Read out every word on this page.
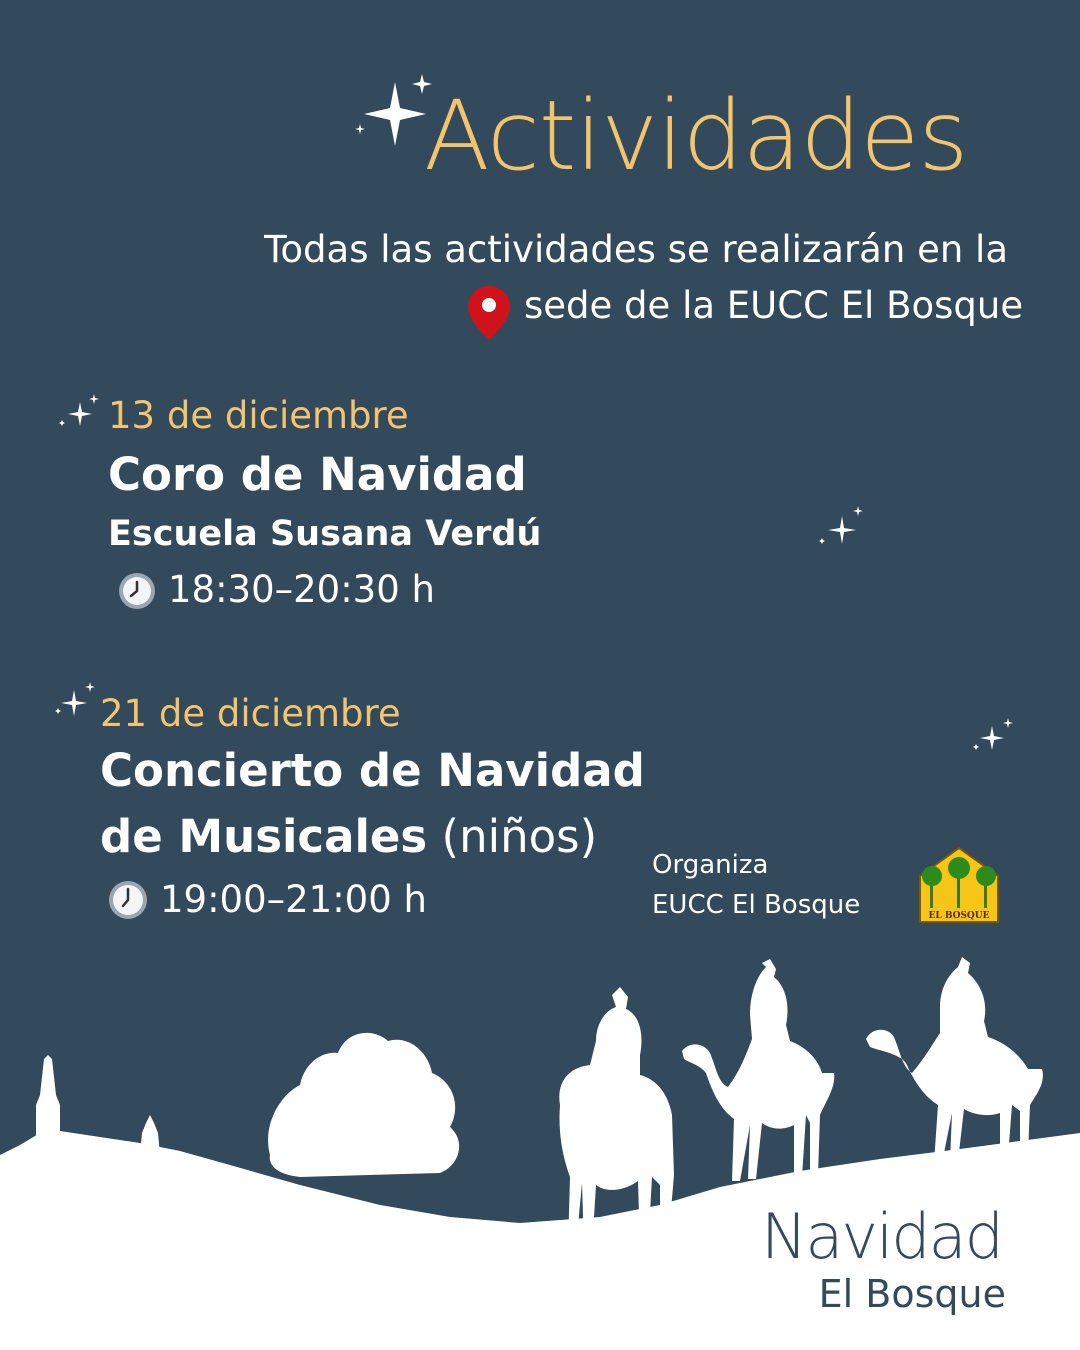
Actividades
Todas las actividades se realizarán en la
sede de la EUCC El Bosque
13 de diciembre
Coro de Navidad
Escuela Susana Verdú
18:30–20:30 h
21 de diciembre
Concierto de Navidad
de Musicales (niños)
19:00–21:00 h
Organiza
EUCC El Bosque	EL BOSQUE
Navidad
El Bosque
